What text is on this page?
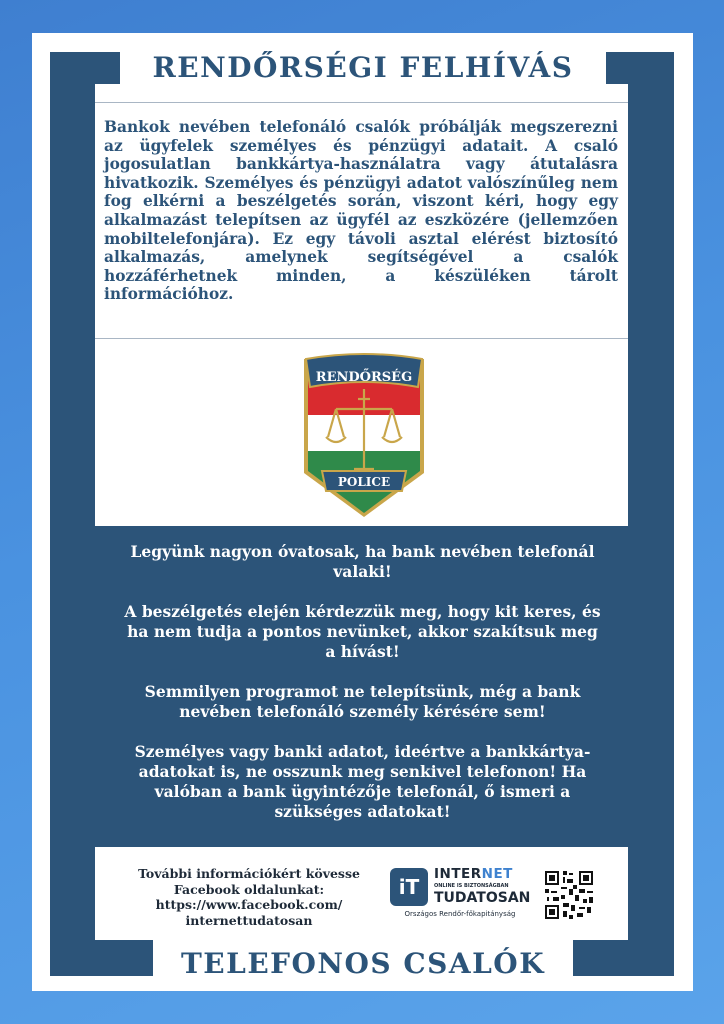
RENDŐRSÉGI FELHÍVÁS
Bankok nevében telefonáló csalók próbálják megszerezni az ügyfelek személyes és pénzügyi adatait. A csaló jogosulatlan bankkártya-használatra vagy átutalásra hivatkozik. Személyes és pénzügyi adatot valószínűleg nem fog elkérni a beszélgetés során, viszont kéri, hogy egy alkalmazást telepítsen az ügyfél az eszközére (jellemzően mobiltelefonjára). Ez egy távoli asztal elérést biztosító alkalmazás, amelynek segítségével a csalók hozzáférhetnek minden, a készüléken tárolt információhoz.
RENDŐRSÉG
POLICE

Legyünk nagyon óvatosak, ha bank nevében telefonál valaki!

A beszélgetés elején kérdezzük meg, hogy kit keres, és ha nem tudja a pontos nevünket, akkor szakítsuk meg a hívást!

Semmilyen programot ne telepítsünk, még a bank nevében telefonáló személy kérésére sem!

Személyes vagy banki adatot, ideértve a bankkártya-adatokat is, ne osszunk meg senkivel telefonon! Ha valóban a bank ügyintézője telefonál, ő ismeri a szükséges adatokat!

További információkért kövesse
Facebook oldalunkat:
https://www.facebook.com/
internettudatosan
iT
INTERNET
ONLINE IS BIZTONSÁGBAN
TUDATOSAN
Országos Rendőr-főkapitányság
TELEFONOS CSALÓK
